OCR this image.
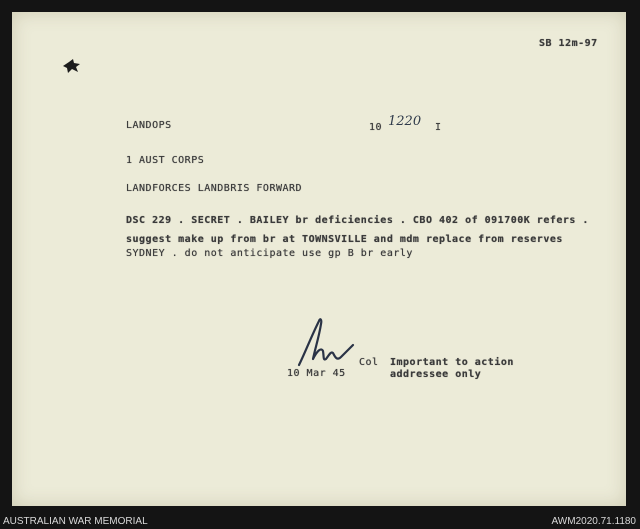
SB 12m-97
LANDOPS	10 1220 I
1 AUST CORPS
LANDFORCES LANDBRIS FORWARD
DSC 229 . SECRET . BAILEY br deficiencies . CBO 402 of 091700K refers .
suggest make up from br at TOWNSVILLE and mdm replace from reserves
SYDNEY . do not anticipate use gp B br early
Col
10 Mar 45
Important to action
addressee only
AUSTRALIAN WAR MEMORIAL	AWM2020.71.1180
